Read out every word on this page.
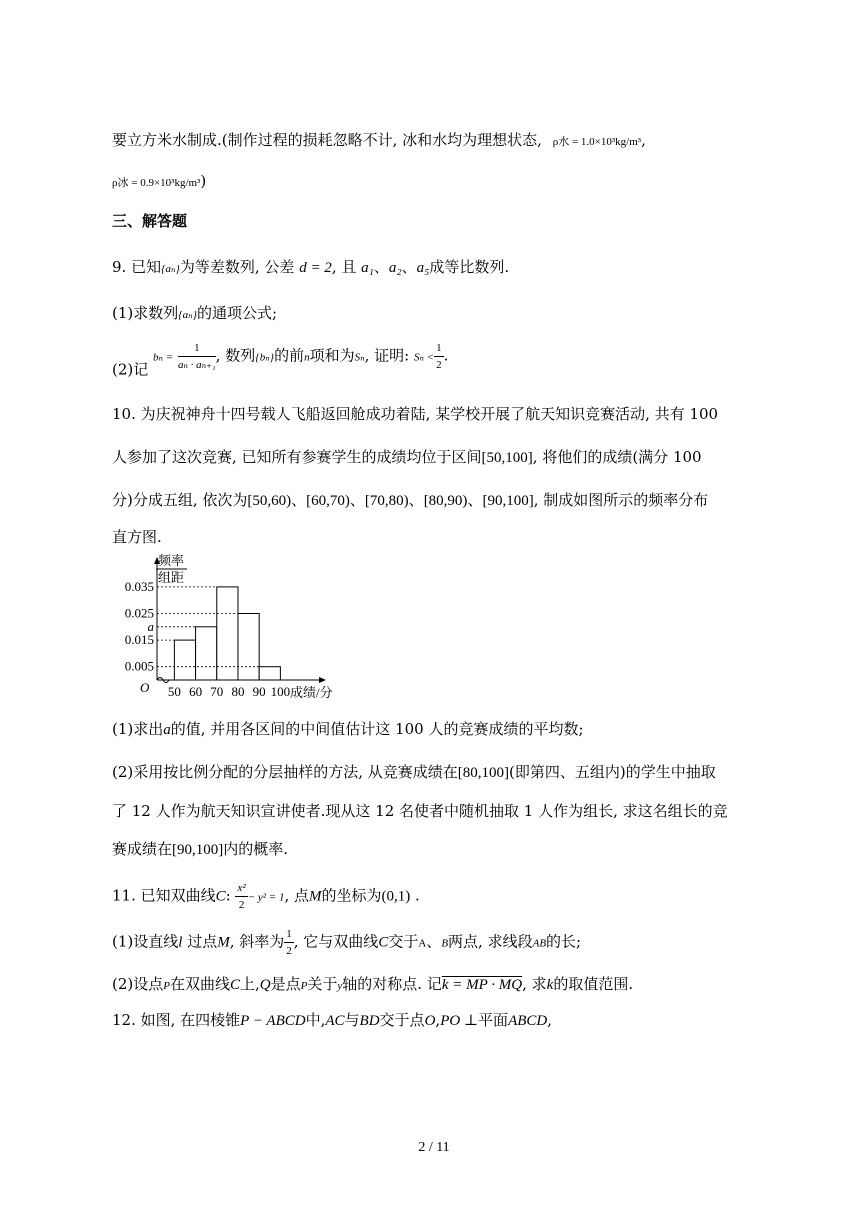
要立方米水制成.(制作过程的损耗忽略不计, 冰和水均为理想状态, ρ水 = 1.0×10³kg/m³,
ρ冰 = 0.9×10³kg/m³)
三、解答题
9. 已知{aₙ}为等差数列, 公差 d = 2, 且 a₁、a₂、a₅成等比数列.
(1)求数列{aₙ}的通项公式;
(2)记 $b_n = \frac{1}{\text{aₙ · aₙ₊₁}}$ , 数列{bₙ}的前n项和为Sₙ, 证明: $S_n < \frac{1}{2}$ .
10. 为庆祝神舟十四号载人飞船返回舱成功着陆, 某学校开展了航天知识竞赛活动, 共有 100
人参加了这次竞赛, 已知所有参赛学生的成绩均位于区间[50,100], 将他们的成绩(满分 100
分)分成五组, 依次为[50,60)、[60,70)、[70,80)、[80,90)、[90,100], 制成如图所示的频率分布
直方图.
频率
组距
0.005
0.015
a
0.025
0.035
50 60 70 80 90 100
O	成绩/分
(1)求出a的值, 并用各区间的中间值估计这 100 人的竞赛成绩的平均数;
(2)采用按比例分配的分层抽样的方法, 从竞赛成绩在[80,100](即第四、五组内)的学生中抽取
了 12 人作为航天知识宣讲使者.现从这 12 名使者中随机抽取 1 人作为组长, 求这名组长的竞
赛成绩在[90,100]内的概率.
11. 已知双曲线C: $\frac{\text{x²}}{2} - y^2 = 1$, 点M的坐标为(0,1) .
(1)设直线l 过点M, 斜率为 $\frac{1}{2}$ , 它与双曲线C交于A、B两点, 求线段AB的长;
(2)设点P在双曲线C上,Q是点P关于y轴的对称点. 记k = MP · MQ, 求k的取值范围.
12. 如图, 在四棱锥P − ABCD中,AC与BD交于点O,PO ⊥平面ABCD,
2 / 11
